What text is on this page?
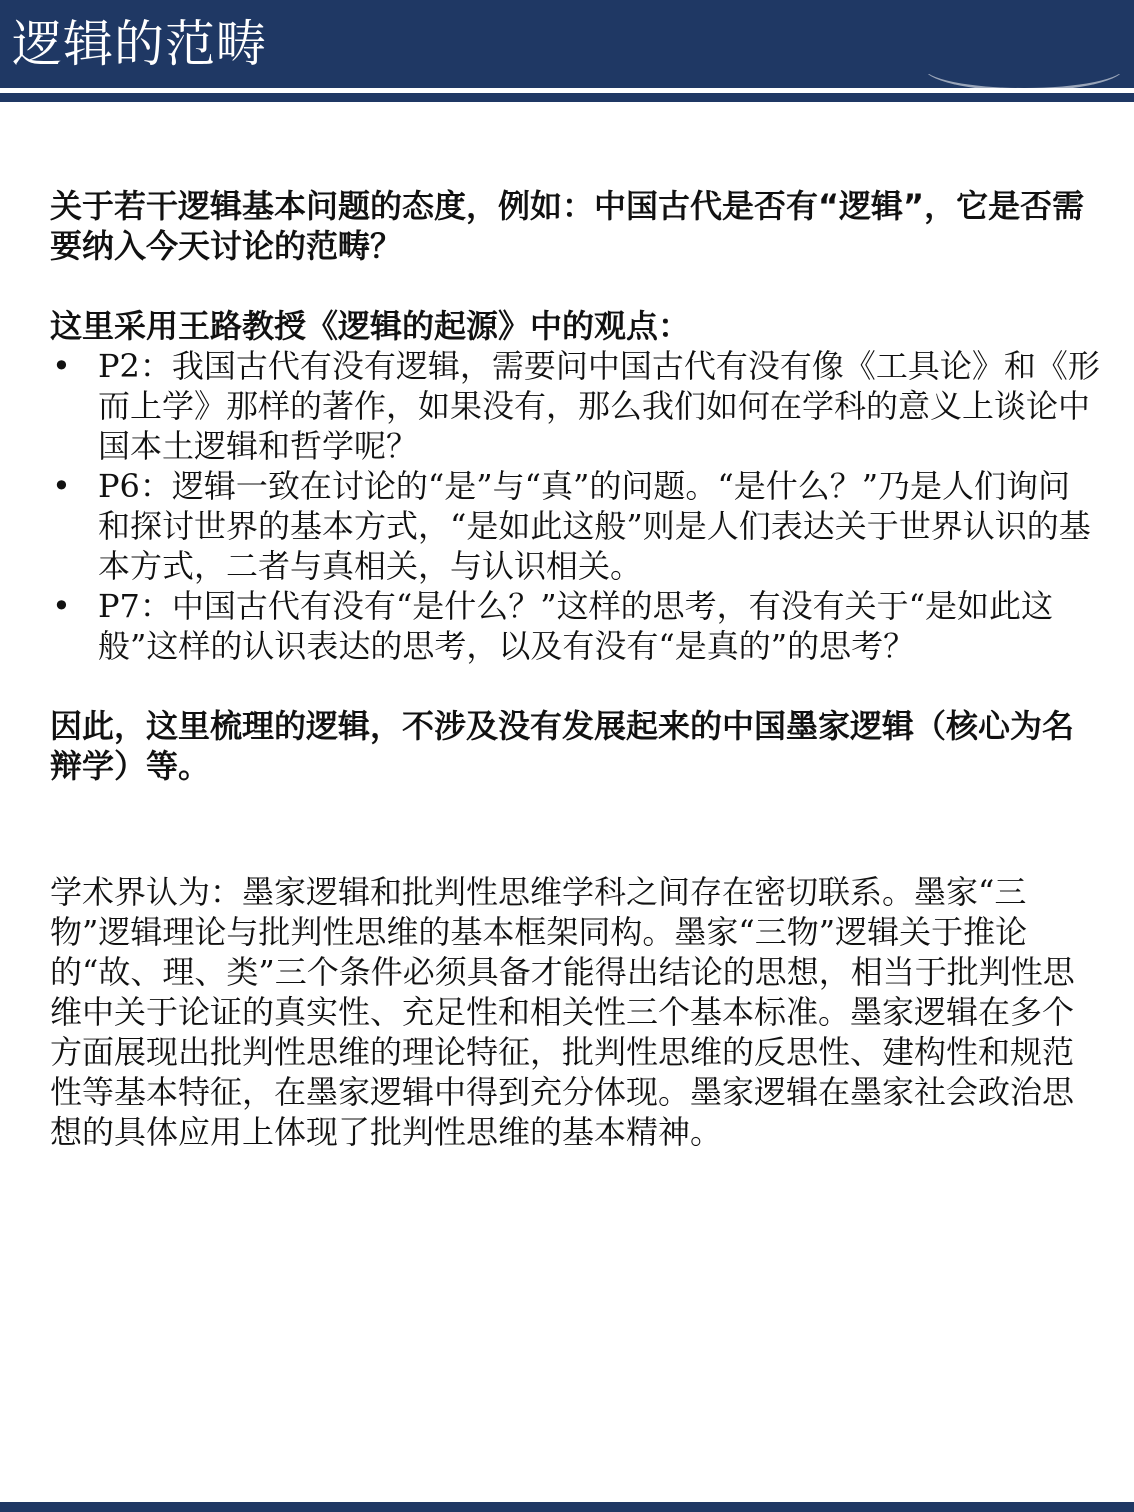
逻辑的范畴

关于若干逻辑基本问题的态度，例如：中国古代是否有“逻辑”，它是否需要纳入今天讨论的范畴？

这里采用王路教授《逻辑的起源》中的观点：

• P2：我国古代有没有逻辑，需要问中国古代有没有像《工具论》和《形而上学》那样的著作，如果没有，那么我们如何在学科的意义上谈论中国本土逻辑和哲学呢？
• P6：逻辑一致在讨论的“是”与“真”的问题。“是什么？”乃是人们询问和探讨世界的基本方式，“是如此这般”则是人们表达关于世界认识的基本方式，二者与真相关，与认识相关。
• P7：中国古代有没有“是什么？”这样的思考，有没有关于“是如此这般”这样的认识表达的思考，以及有没有“是真的”的思考？

因此，这里梳理的逻辑，不涉及没有发展起来的中国墨家逻辑（核心为名辩学）等。

学术界认为：墨家逻辑和批判性思维学科之间存在密切联系。墨家“三物”逻辑理论与批判性思维的基本框架同构。墨家“三物”逻辑关于推论的“故、理、类”三个条件必须具备才能得出结论的思想，相当于批判性思维中关于论证的真实性、充足性和相关性三个基本标准。墨家逻辑在多个方面展现出批判性思维的理论特征，批判性思维的反思性、建构性和规范性等基本特征，在墨家逻辑中得到充分体现。墨家逻辑在墨家社会政治思想的具体应用上体现了批判性思维的基本精神。
